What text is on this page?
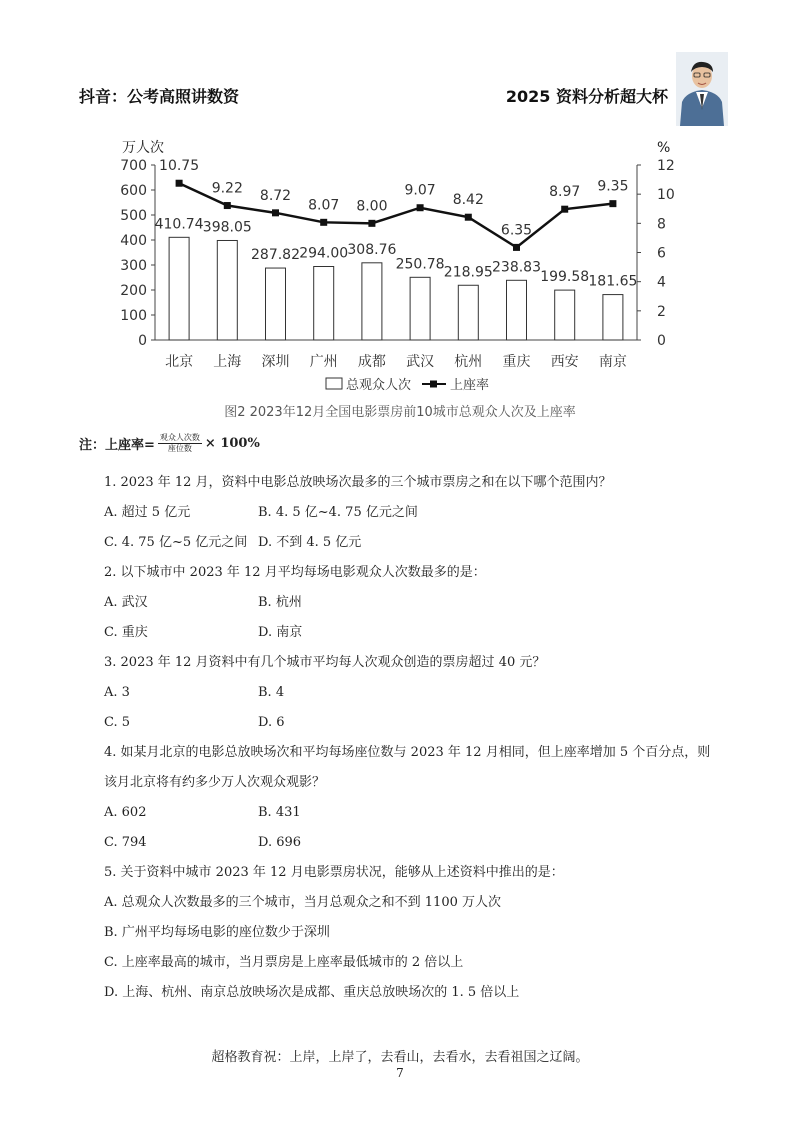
抖音：公考高照讲数资	2025 资料分析超大杯
万人次	%
0
100
200
300
400
500
600
700
0
2
4
6
8
10
12
北京 上海 深圳 广州 成都 武汉 杭州 重庆 西安 南京
总观众人次	上座率
410.74 398.05
287.82 294.00 308.76
250.78 218.95 238.83
199.58 181.65
10.75
9.22 8.72
8.07 8.00
9.07
8.42
6.35
8.97 9.35
图2 2023年12月全国电影票房前10城市总观众人次及上座率
注：上座率= $\frac{\text{观众人次数}}{\text{座位数}} \times 100\%$
1. 2023 年 12 月，资料中电影总放映场次最多的三个城市票房之和在以下哪个范围内？
A. 超过 5 亿元	B. 4. 5 亿~4. 75 亿元之间
C. 4. 75 亿~5 亿元之间 D. 不到 4. 5 亿元
2. 以下城市中 2023 年 12 月平均每场电影观众人次数最多的是：
A. 武汉	B. 杭州
C. 重庆	D. 南京
3. 2023 年 12 月资料中有几个城市平均每人次观众创造的票房超过 40 元？
A. 3	B. 4
C. 5	D. 6
4. 如某月北京的电影总放映场次和平均每场座位数与 2023 年 12 月相同，但上座率增加 5 个百分点，则该月北京将有约多少万人次观众观影？
A. 602	B. 431
C. 794	D. 696
5. 关于资料中城市 2023 年 12 月电影票房状况，能够从上述资料中推出的是：
A. 总观众人次数最多的三个城市，当月总观众之和不到 1100 万人次
B. 广州平均每场电影的座位数少于深圳
C. 上座率最高的城市，当月票房是上座率最低城市的 2 倍以上
D. 上海、杭州、南京总放映场次是成都、重庆总放映场次的 1. 5 倍以上
超格教育祝：上岸，上岸了，去看山，去看水，去看祖国之辽阔。
7
